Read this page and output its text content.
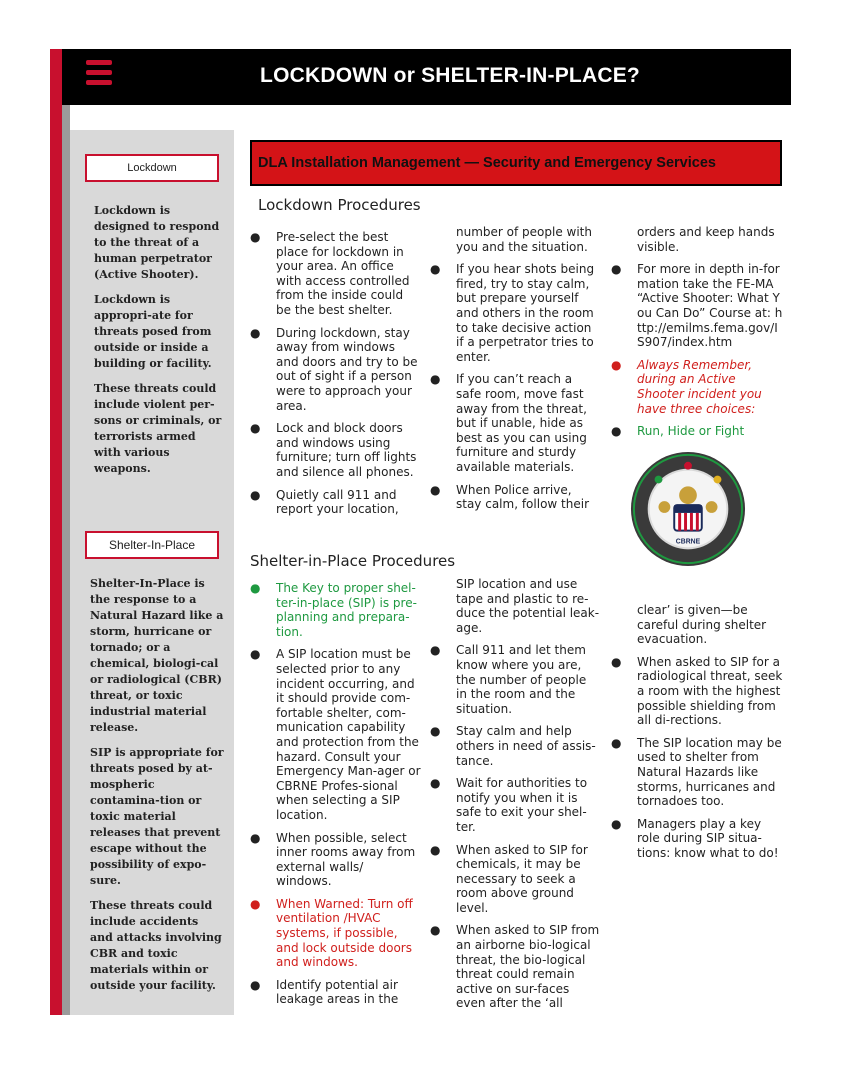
LOCKDOWN or SHELTER-IN-PLACE?
Lockdown

Lockdown is designed to respond to the threat of a human perpetrator (Active Shooter).

Lockdown is appropri-ate for threats posed from outside or inside a building or facility.

These threats could include violent per-sons or criminals, or terrorists armed with various weapons.

Shelter-In-Place

Shelter-In-Place is the response to a Natural Hazard like a storm, hurricane or tornado; or a chemical, biologi-cal or radiological (CBR) threat, or toxic industrial material release.

SIP is appropriate for threats posed by at-mospheric contamina-tion or toxic material releases that prevent escape without the possibility of expo-sure.

These threats could include accidents and attacks involving CBR and toxic materials within or outside your facility.

DLA Installation Management — Security and Emergency Services
Lockdown Procedures
● Pre-select the best place for lockdown in your area. An office with access controlled from the inside could be the best shelter.
● During lockdown, stay away from windows and doors and try to be out of sight if a person were to approach your area.
● Lock and block doors and windows using furniture; turn off lights and silence all phones.
● Quietly call 911 and report your location,
number of people with you and the situation.
● If you hear shots being fired, try to stay calm, but prepare yourself and others in the room to take decisive action if a perpetrator tries to enter.
● If you can’t reach a safe room, move fast away from the threat, but if unable, hide as best as you can using furniture and sturdy available materials.
● When Police arrive, stay calm, follow their
orders and keep hands visible.
● For more in depth in-formation take the FE-MA “Active Shooter: What You Can Do” Course at: http://emilms.fema.gov/IS907/index.htm
● Always Remember, during an Active Shooter incident you have three choices:
● Run, Hide or Fight
CBRNE
Shelter-in-Place Procedures
● The Key to proper shel-ter-in-place (SIP) is pre-planning and prepara-tion.
● A SIP location must be selected prior to any incident occurring, and it should provide com-fortable shelter, com-munication capability and protection from the hazard. Consult your Emergency Man-ager or CBRNE Profes-sional when selecting a SIP location.
● When possible, select inner rooms away from external walls/ windows.
● When Warned: Turn off ventilation /HVAC systems, if possible, and lock outside doors and windows.
● Identify potential air leakage areas in the
SIP location and use tape and plastic to re-duce the potential leak-age.
● Call 911 and let them know where you are, the number of people in the room and the situation.
● Stay calm and help others in need of assis-tance.
● Wait for authorities to notify you when it is safe to exit your shel-ter.
● When asked to SIP for chemicals, it may be necessary to seek a room above ground level.
● When asked to SIP from an airborne bio-logical threat, the bio-logical threat could remain active on sur-faces even after the ‘all
clear’ is given—be careful during shelter evacuation.
● When asked to SIP for a radiological threat, seek a room with the highest possible shielding from all di-rections.
● The SIP location may be used to shelter from Natural Hazards like storms, hurricanes and tornadoes too.
● Managers play a key role during SIP situa-tions: know what to do!
